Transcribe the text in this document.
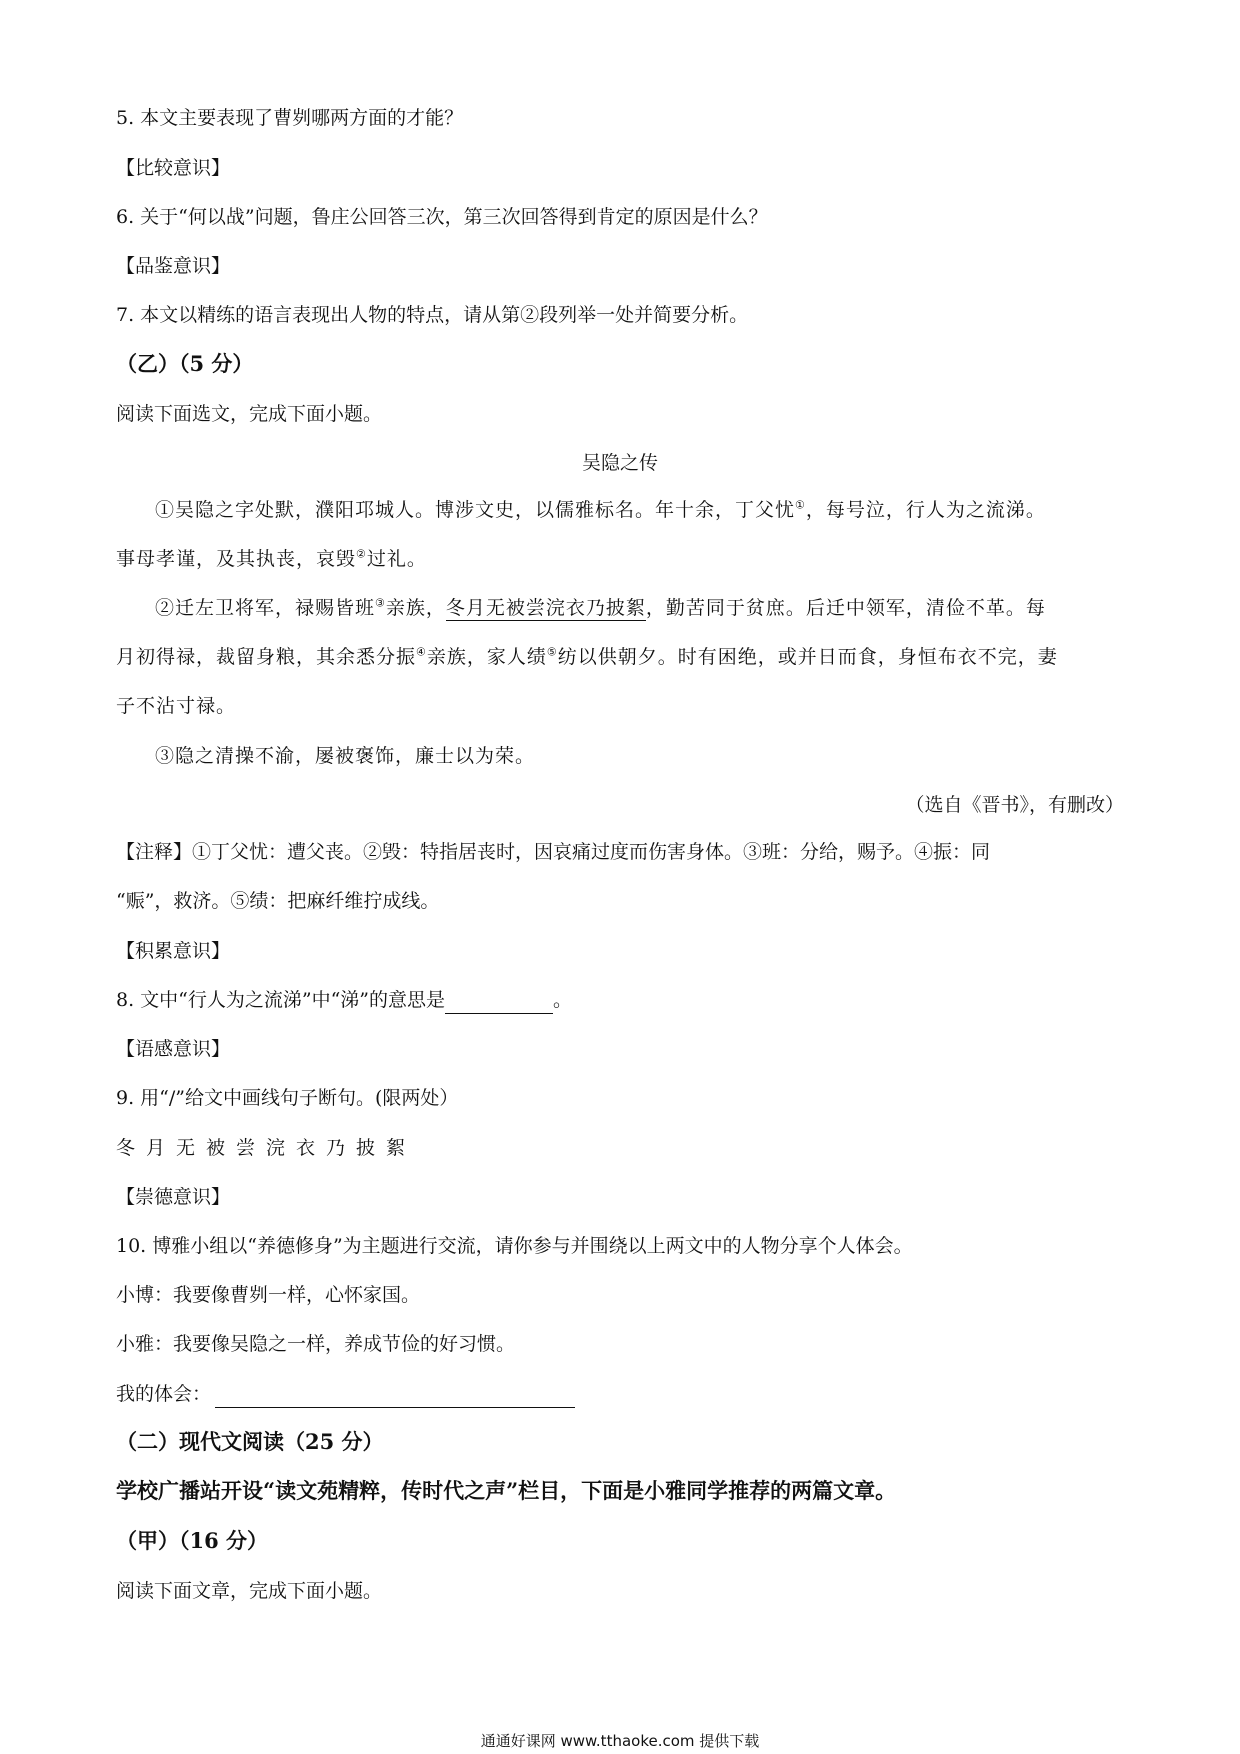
5. 本文主要表现了曹刿哪两方面的才能？
【比较意识】
6. 关于“何以战”问题，鲁庄公回答三次，第三次回答得到肯定的原因是什么？
【品鉴意识】
7. 本文以精练的语言表现出人物的特点，请从第②段列举一处并简要分析。
（乙）（5 分）
阅读下面选文，完成下面小题。
吴隐之传
①吴隐之字处默，濮阳邛城人。博涉文史，以儒雅标名。年十余，丁父忧①，每号泣，行人为之流涕。
事母孝谨，及其执丧，哀毁②过礼。
②迁左卫将军，禄赐皆班③亲族，冬月无被尝浣衣乃披絮，勤苦同于贫庶。后迁中领军，清俭不革。每
月初得禄，裁留身粮，其余悉分振④亲族，家人绩⑤纺以供朝夕。时有困绝，或并日而食，身恒布衣不完，妻
子不沾寸禄。
③隐之清操不渝，屡被褒饰，廉士以为荣。
（选自《晋书》，有删改）
【注释】①丁父忧：遭父丧。②毁：特指居丧时，因哀痛过度而伤害身体。③班：分给，赐予。④振：同
“赈”，救济。⑤绩：把麻纤维拧成线。
【积累意识】
8. 文中“行人为之流涕”中“涕”的意思是	。
【语感意识】
9. 用“/”给文中画线句子断句。(限两处）
冬月无被尝浣衣乃披絮
【崇德意识】
10. 博雅小组以“养德修身”为主题进行交流，请你参与并围绕以上两文中的人物分享个人体会。
小博：我要像曹刿一样，心怀家国。
小雅：我要像吴隐之一样，养成节俭的好习惯。
我的体会：
（二）现代文阅读（25 分）
学校广播站开设“读文苑精粹，传时代之声”栏目，下面是小雅同学推荐的两篇文章。
（甲）（16 分）
阅读下面文章，完成下面小题。
通通好课网 www.tthaoke.com 提供下载
